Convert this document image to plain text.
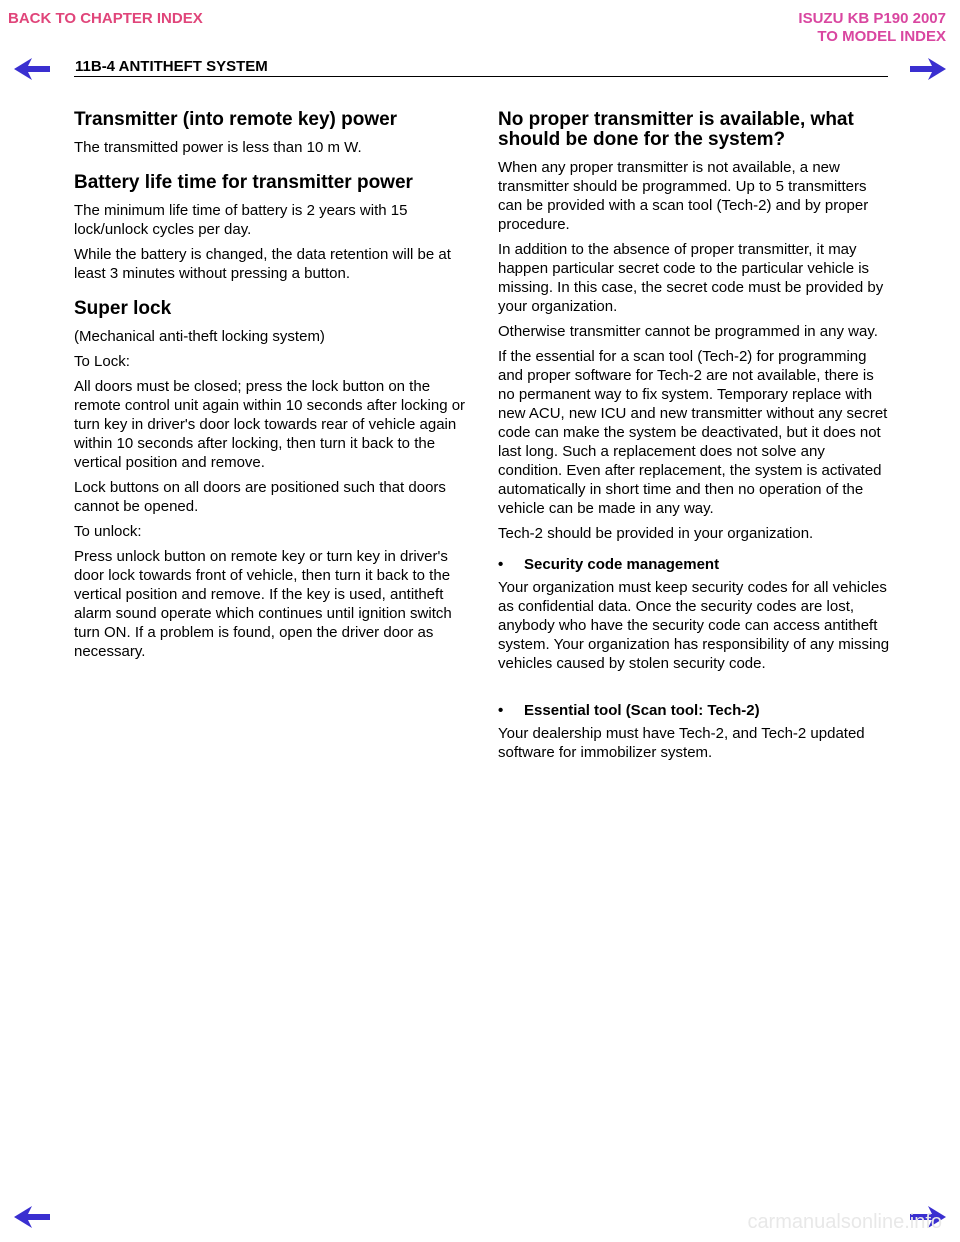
BACK TO CHAPTER INDEX	ISUZU KB P190 2007
TO MODEL INDEX
11B-4 ANTITHEFT SYSTEM
Transmitter (into remote key) power

The transmitted power is less than 10 m W.

Battery life time for transmitter power

The minimum life time of battery is 2 years with 15 lock/unlock cycles per day.

While the battery is changed, the data retention will be at least 3 minutes without pressing a button.

Super lock

(Mechanical anti-theft locking system)

To Lock:

All doors must be closed; press the lock button on the remote control unit again within 10 seconds after locking or turn key in driver's door lock towards rear of vehicle again within 10 seconds after locking, then turn it back to the vertical position and remove.

Lock buttons on all doors are positioned such that doors cannot be opened.

To unlock:

Press unlock button on remote key or turn key in driver's door lock towards front of vehicle, then turn it back to the vertical position and remove. If the key is used, antitheft alarm sound operate which continues until ignition switch turn ON. If a problem is found, open the driver door as necessary.

No proper transmitter is available, what should be done for the system?

When any proper transmitter is not available, a new transmitter should be programmed. Up to 5 transmitters can be provided with a scan tool (Tech-2) and by proper procedure.

In addition to the absence of proper transmitter, it may happen particular secret code to the particular vehicle is missing. In this case, the secret code must be provided by your organization.

Otherwise transmitter cannot be programmed in any way.

If the essential for a scan tool (Tech-2) for programming and proper software for Tech-2 are not available, there is no permanent way to fix system. Temporary replace with new ACU, new ICU and new transmitter without any secret code can make the system be deactivated, but it does not last long. Such a replacement does not solve any condition. Even after replacement, the system is activated automatically in short time and then no operation of the vehicle can be made in any way.

Tech-2 should be provided in your organization.

• Security code management

Your organization must keep security codes for all vehicles as confidential data. Once the security codes are lost, anybody who have the security code can access antitheft system. Your organization has responsibility of any missing vehicles caused by stolen security code.

• Essential tool (Scan tool: Tech-2)

Your dealership must have Tech-2, and Tech-2 updated software for immobilizer system.

carmanualsonline.info
